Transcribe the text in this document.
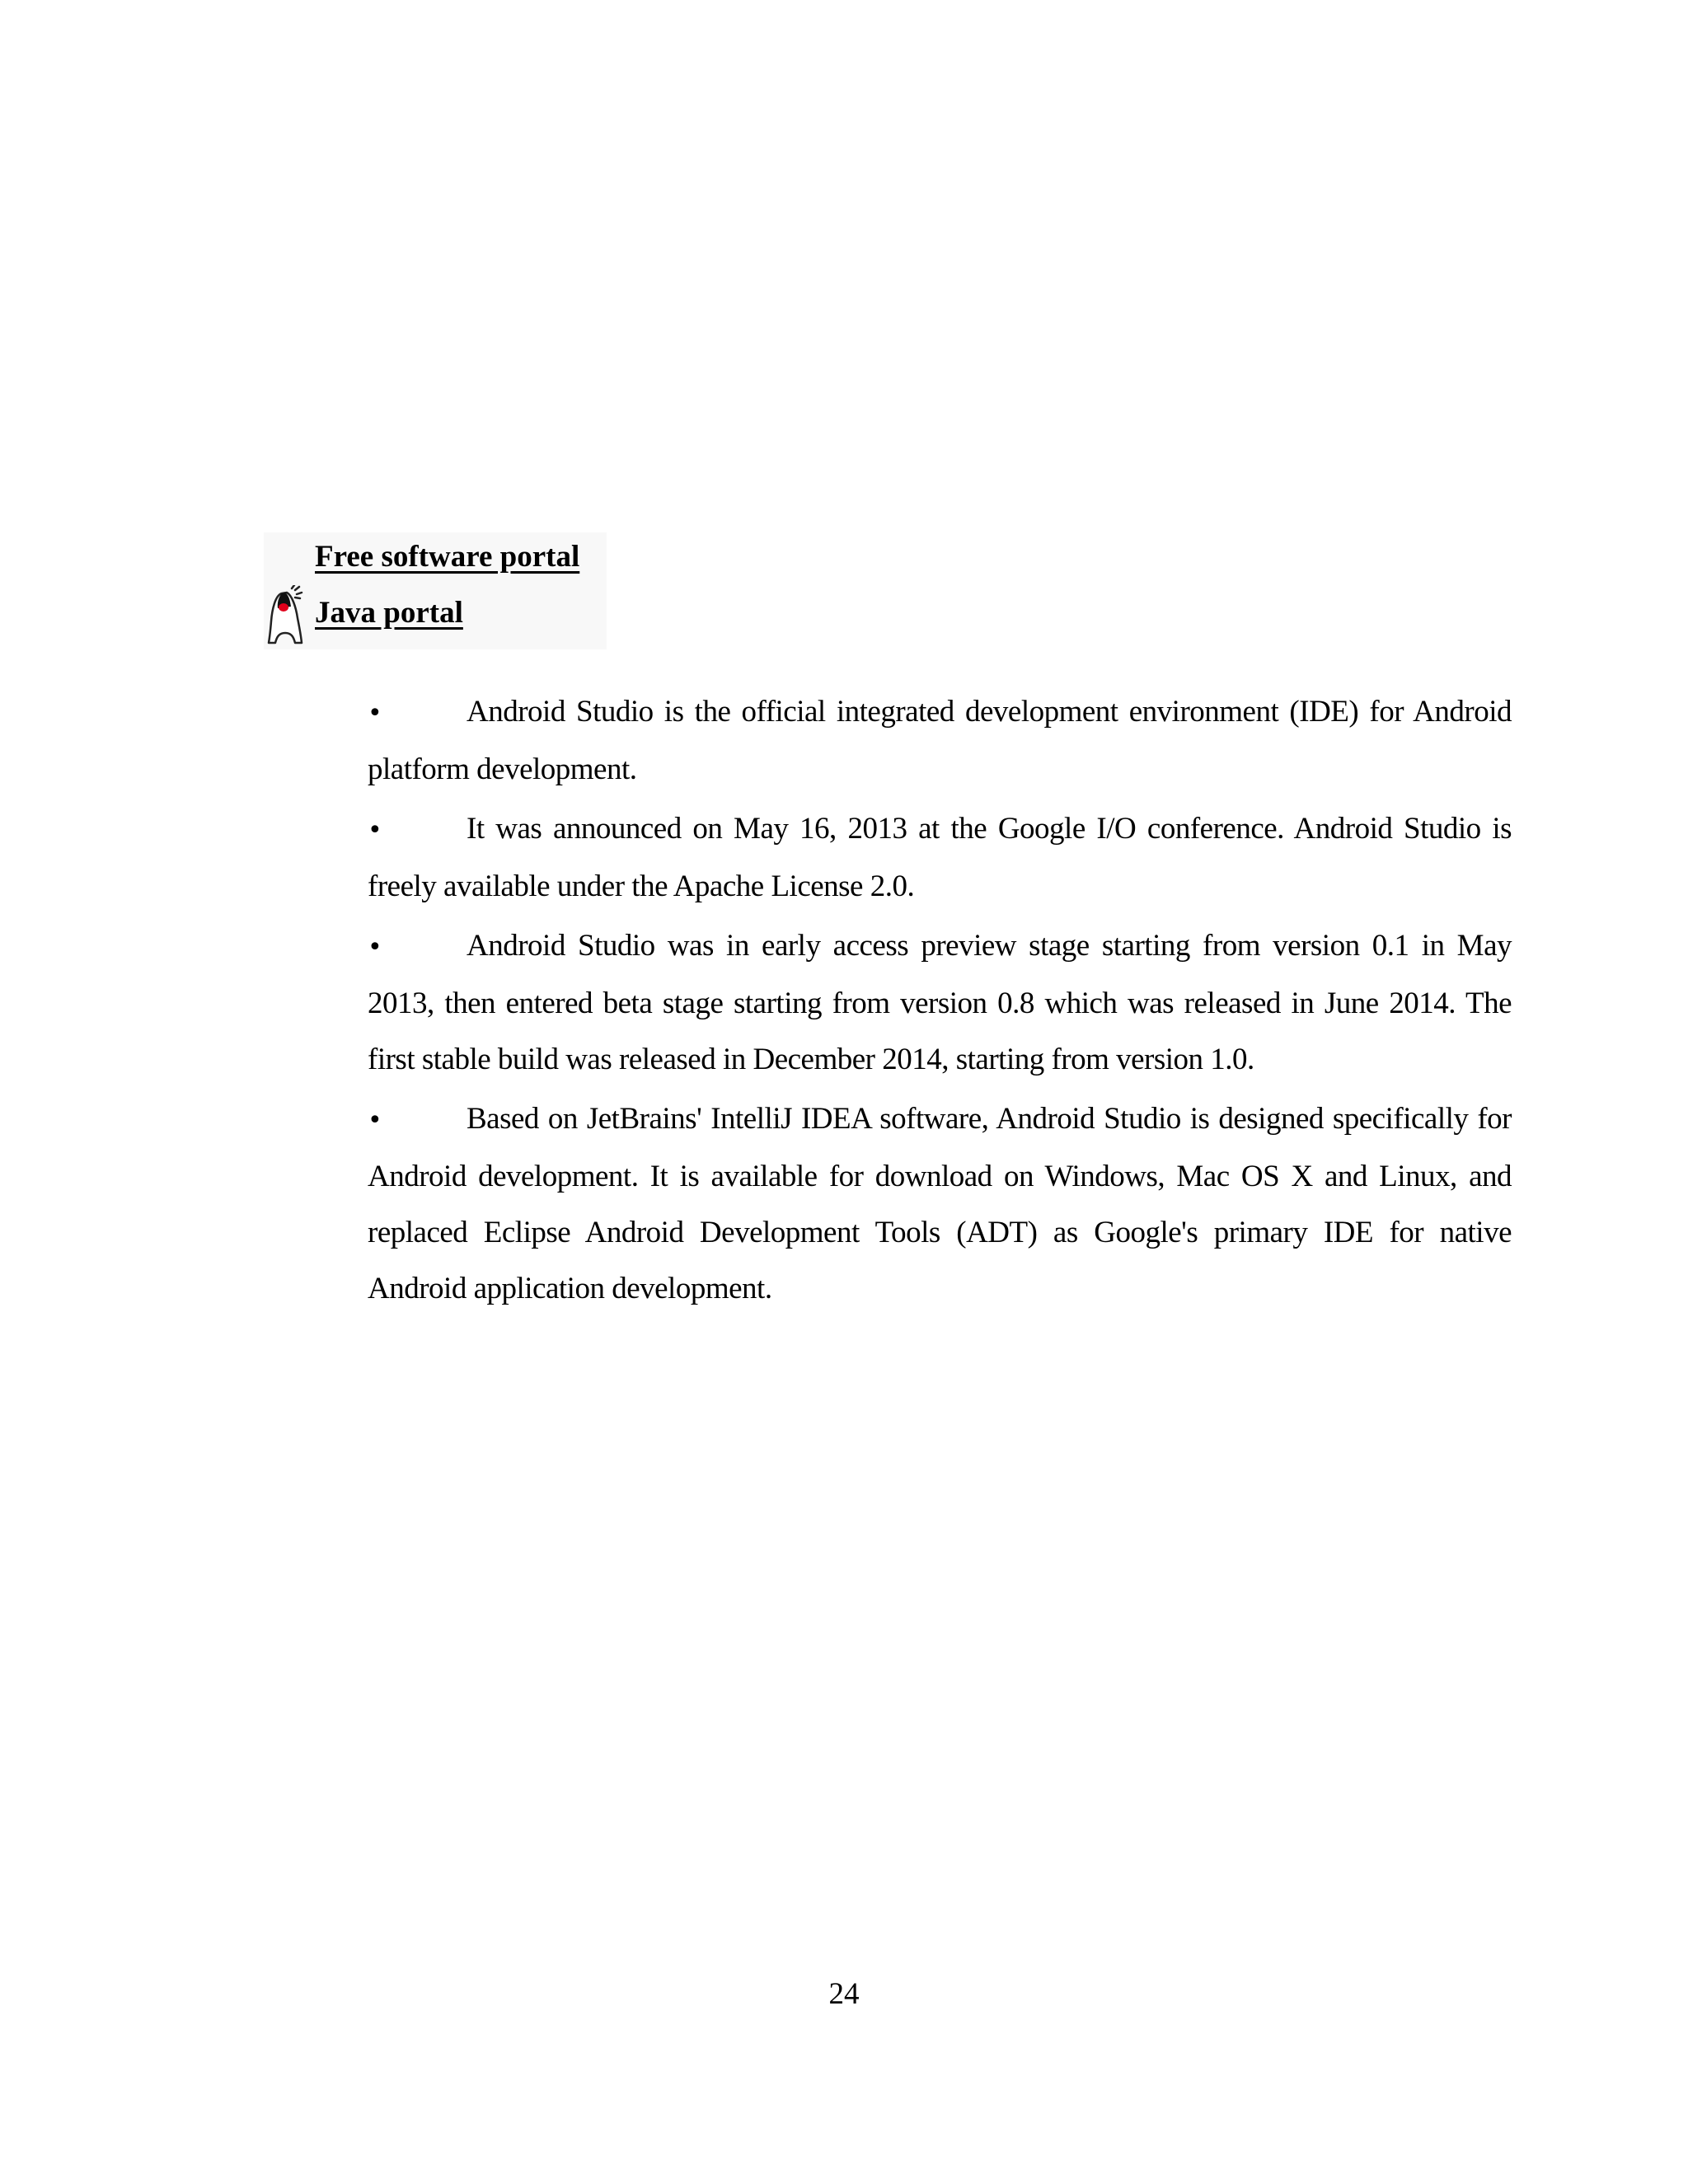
Free software portal
Java portal

•	Android Studio is the official integrated development environment (IDE) for Android platform development.

•	It was announced on May 16, 2013 at the Google I/O conference. Android Studio is freely available under the Apache License 2.0.

•	Android Studio was in early access preview stage starting from version 0.1 in May 2013, then entered beta stage starting from version 0.8 which was released in June 2014. The first stable build was released in December 2014, starting from version 1.0.

•	Based on JetBrains' IntelliJ IDEA software, Android Studio is designed specifically for Android development. It is available for download on Windows, Mac OS X and Linux, and replaced Eclipse Android Development Tools (ADT) as Google's primary IDE for native Android application development.

24
